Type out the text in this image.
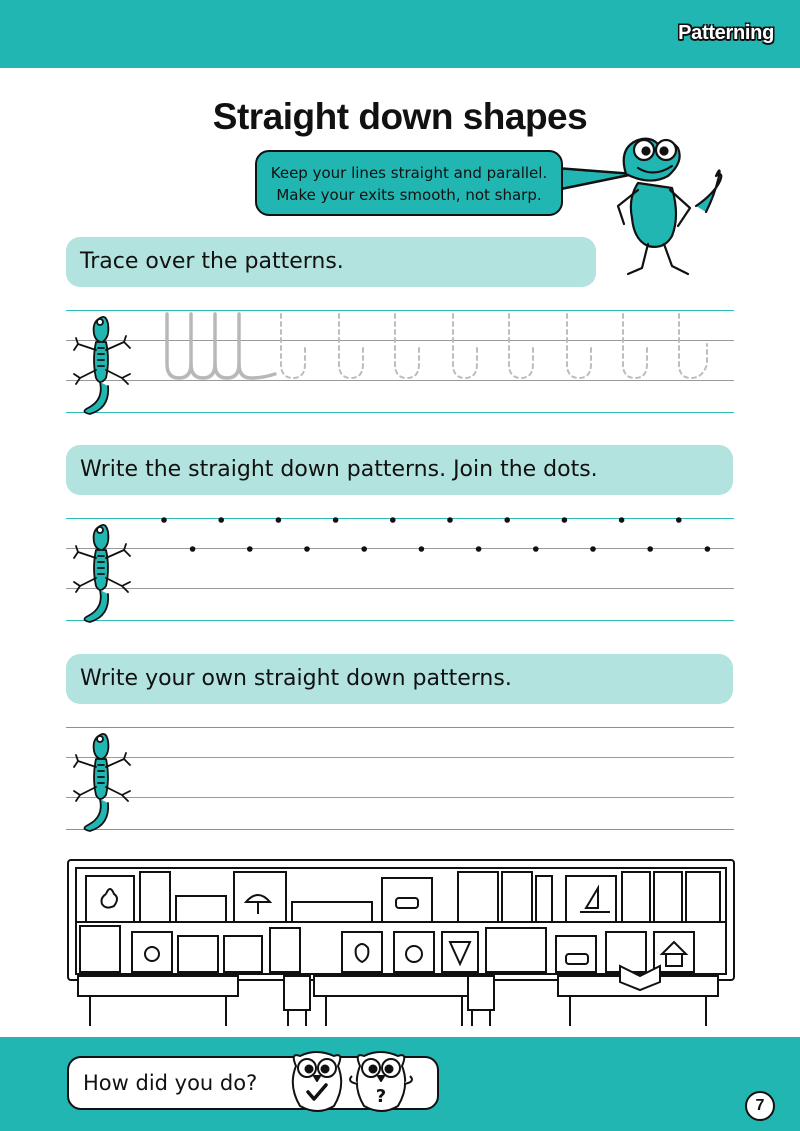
Patterning
Straight down shapes
Keep your lines straight and parallel.
Make your exits smooth, not sharp.
Trace over the patterns.
Write the straight down patterns. Join the dots.
Write your own straight down patterns.
How did you do?
?	7
